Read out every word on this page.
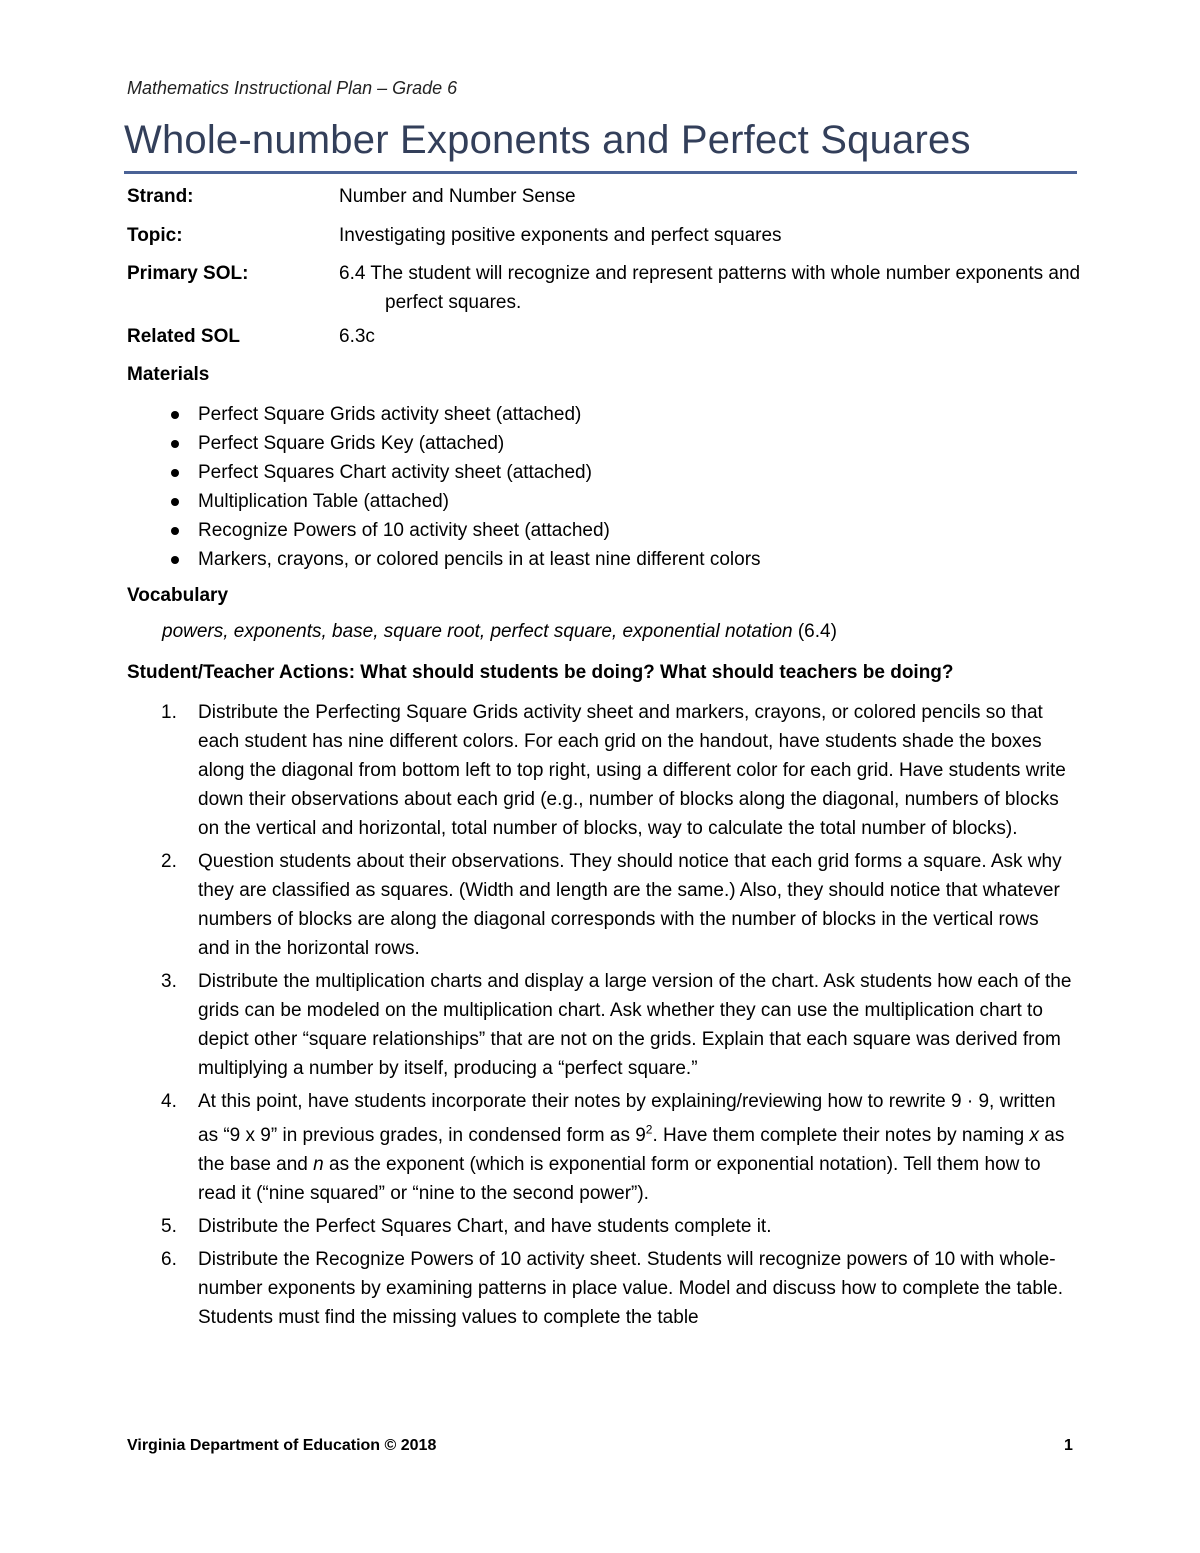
Mathematics Instructional Plan – Grade 6
Whole-number Exponents and Perfect Squares
Strand:	Number and Number Sense
Topic:	Investigating positive exponents and perfect squares
Primary SOL:	6.4 The student will recognize and represent patterns with whole number exponents and perfect squares.
Related SOL	6.3c
Materials
Perfect Square Grids activity sheet (attached)
Perfect Square Grids Key (attached)
Perfect Squares Chart activity sheet (attached)
Multiplication Table (attached)
Recognize Powers of 10 activity sheet (attached)
Markers, crayons, or colored pencils in at least nine different colors
Vocabulary
powers, exponents, base, square root, perfect square, exponential notation (6.4)
Student/Teacher Actions: What should students be doing? What should teachers be doing?
1. Distribute the Perfecting Square Grids activity sheet and markers, crayons, or colored pencils so that each student has nine different colors. For each grid on the handout, have students shade the boxes along the diagonal from bottom left to top right, using a different color for each grid. Have students write down their observations about each grid (e.g., number of blocks along the diagonal, numbers of blocks on the vertical and horizontal, total number of blocks, way to calculate the total number of blocks).
2. Question students about their observations. They should notice that each grid forms a square. Ask why they are classified as squares. (Width and length are the same.) Also, they should notice that whatever numbers of blocks are along the diagonal corresponds with the number of blocks in the vertical rows and in the horizontal rows.
3. Distribute the multiplication charts and display a large version of the chart. Ask students how each of the grids can be modeled on the multiplication chart. Ask whether they can use the multiplication chart to depict other “square relationships” that are not on the grids. Explain that each square was derived from multiplying a number by itself, producing a “perfect square.”
4. At this point, have students incorporate their notes by explaining/reviewing how to rewrite 9 · 9, written as “9 x 9” in previous grades, in condensed form as $9^2$. Have them complete their notes by naming x as the base and n as the exponent (which is exponential form or exponential notation). Tell them how to read it (“nine squared” or “nine to the second power”).
5. Distribute the Perfect Squares Chart, and have students complete it.
6. Distribute the Recognize Powers of 10 activity sheet. Students will recognize powers of 10 with whole-number exponents by examining patterns in place value. Model and discuss how to complete the table. Students must find the missing values to complete the table
Virginia Department of Education © 2018	1
